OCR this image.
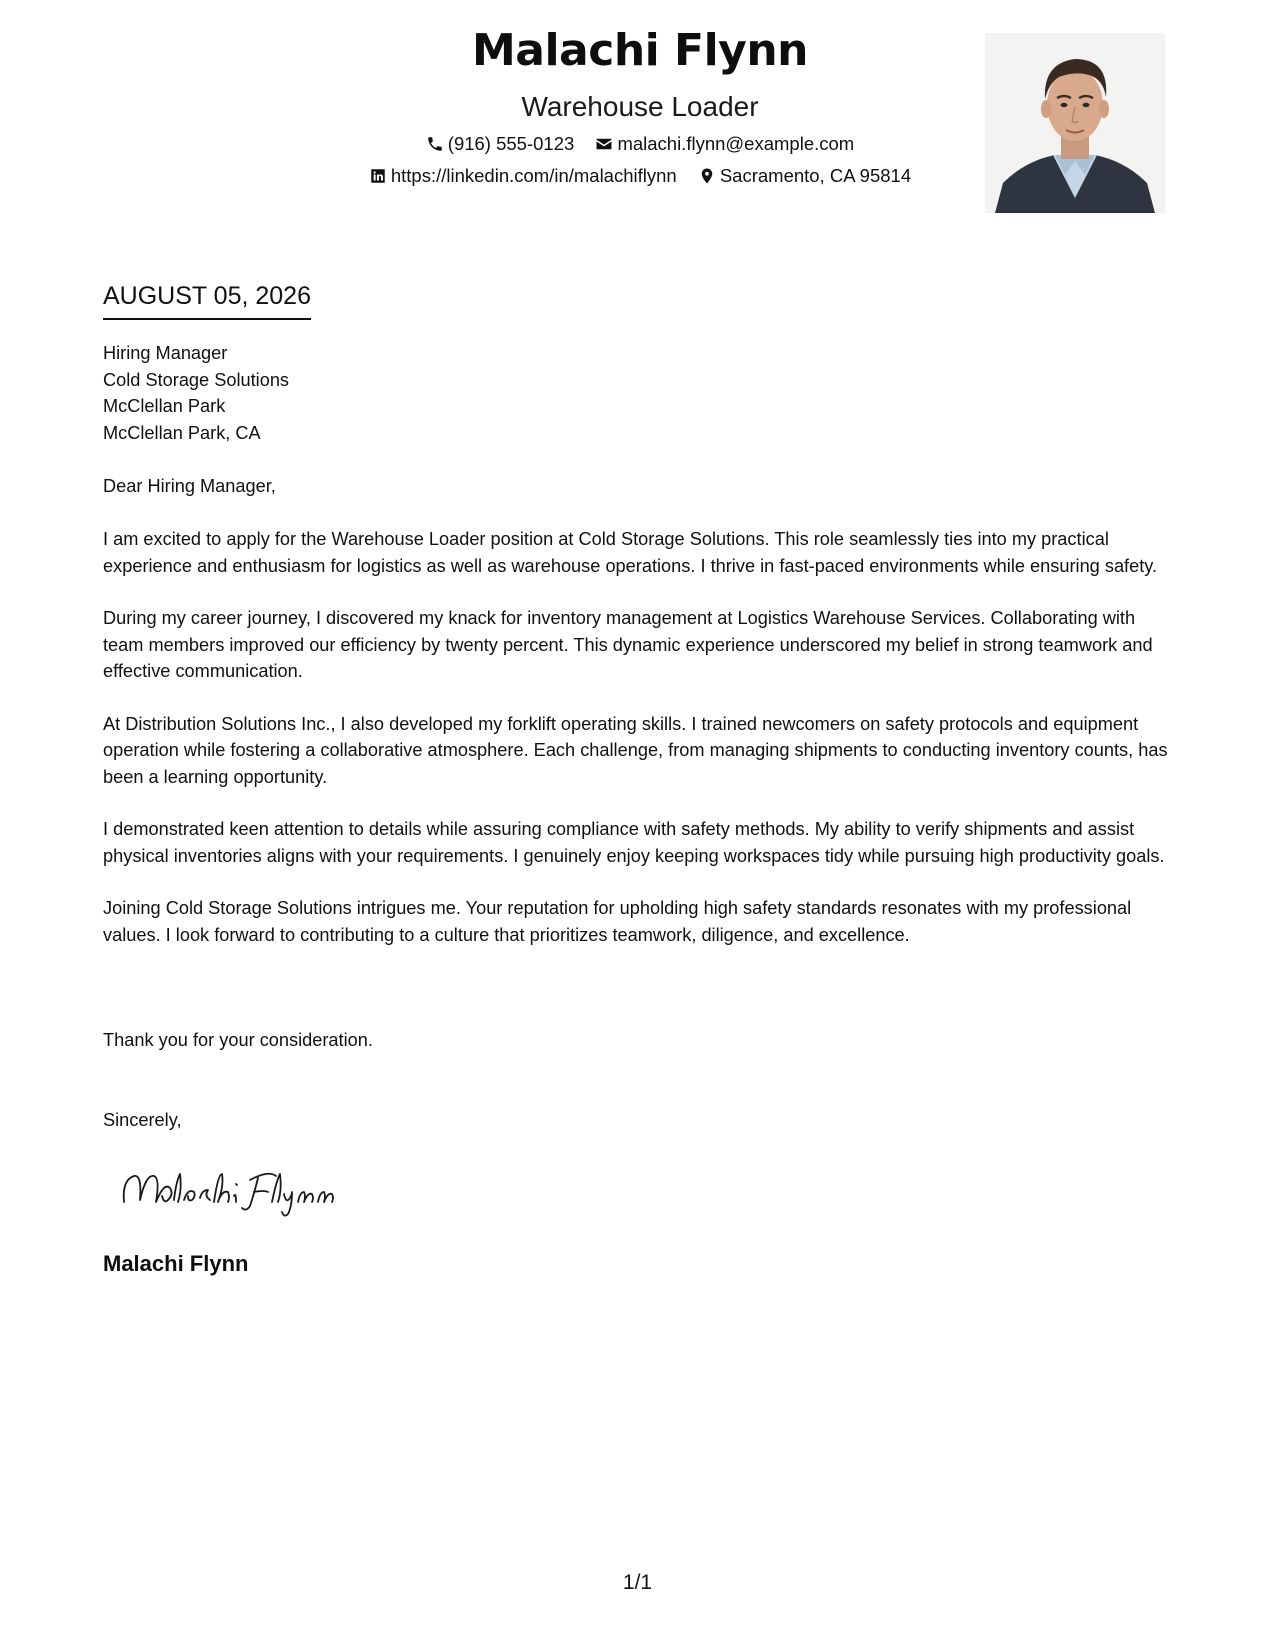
Malachi Flynn
Warehouse Loader
(916) 555-0123
malachi.flynn@example.com
https://linkedin.com/in/malachiflynn
Sacramento, CA 95814
AUGUST 05, 2026
Hiring Manager
Cold Storage Solutions
McClellan Park
McClellan Park, CA
Dear Hiring Manager,

I am excited to apply for the Warehouse Loader position at Cold Storage Solutions. This role seamlessly ties into my practical experience and enthusiasm for logistics as well as warehouse operations. I thrive in fast-paced environments while ensuring safety.

During my career journey, I discovered my knack for inventory management at Logistics Warehouse Services. Collaborating with team members improved our efficiency by twenty percent. This dynamic experience underscored my belief in strong teamwork and effective communication.

At Distribution Solutions Inc., I also developed my forklift operating skills. I trained newcomers on safety protocols and equipment operation while fostering a collaborative atmosphere. Each challenge, from managing shipments to conducting inventory counts, has been a learning opportunity.

I demonstrated keen attention to details while assuring compliance with safety methods. My ability to verify shipments and assist physical inventories aligns with your requirements. I genuinely enjoy keeping workspaces tidy while pursuing high productivity goals.

Joining Cold Storage Solutions intrigues me. Your reputation for upholding high safety standards resonates with my professional values. I look forward to contributing to a culture that prioritizes teamwork, diligence, and excellence.

Thank you for your consideration.
Sincerely,
Malachi Flynn
1/1
